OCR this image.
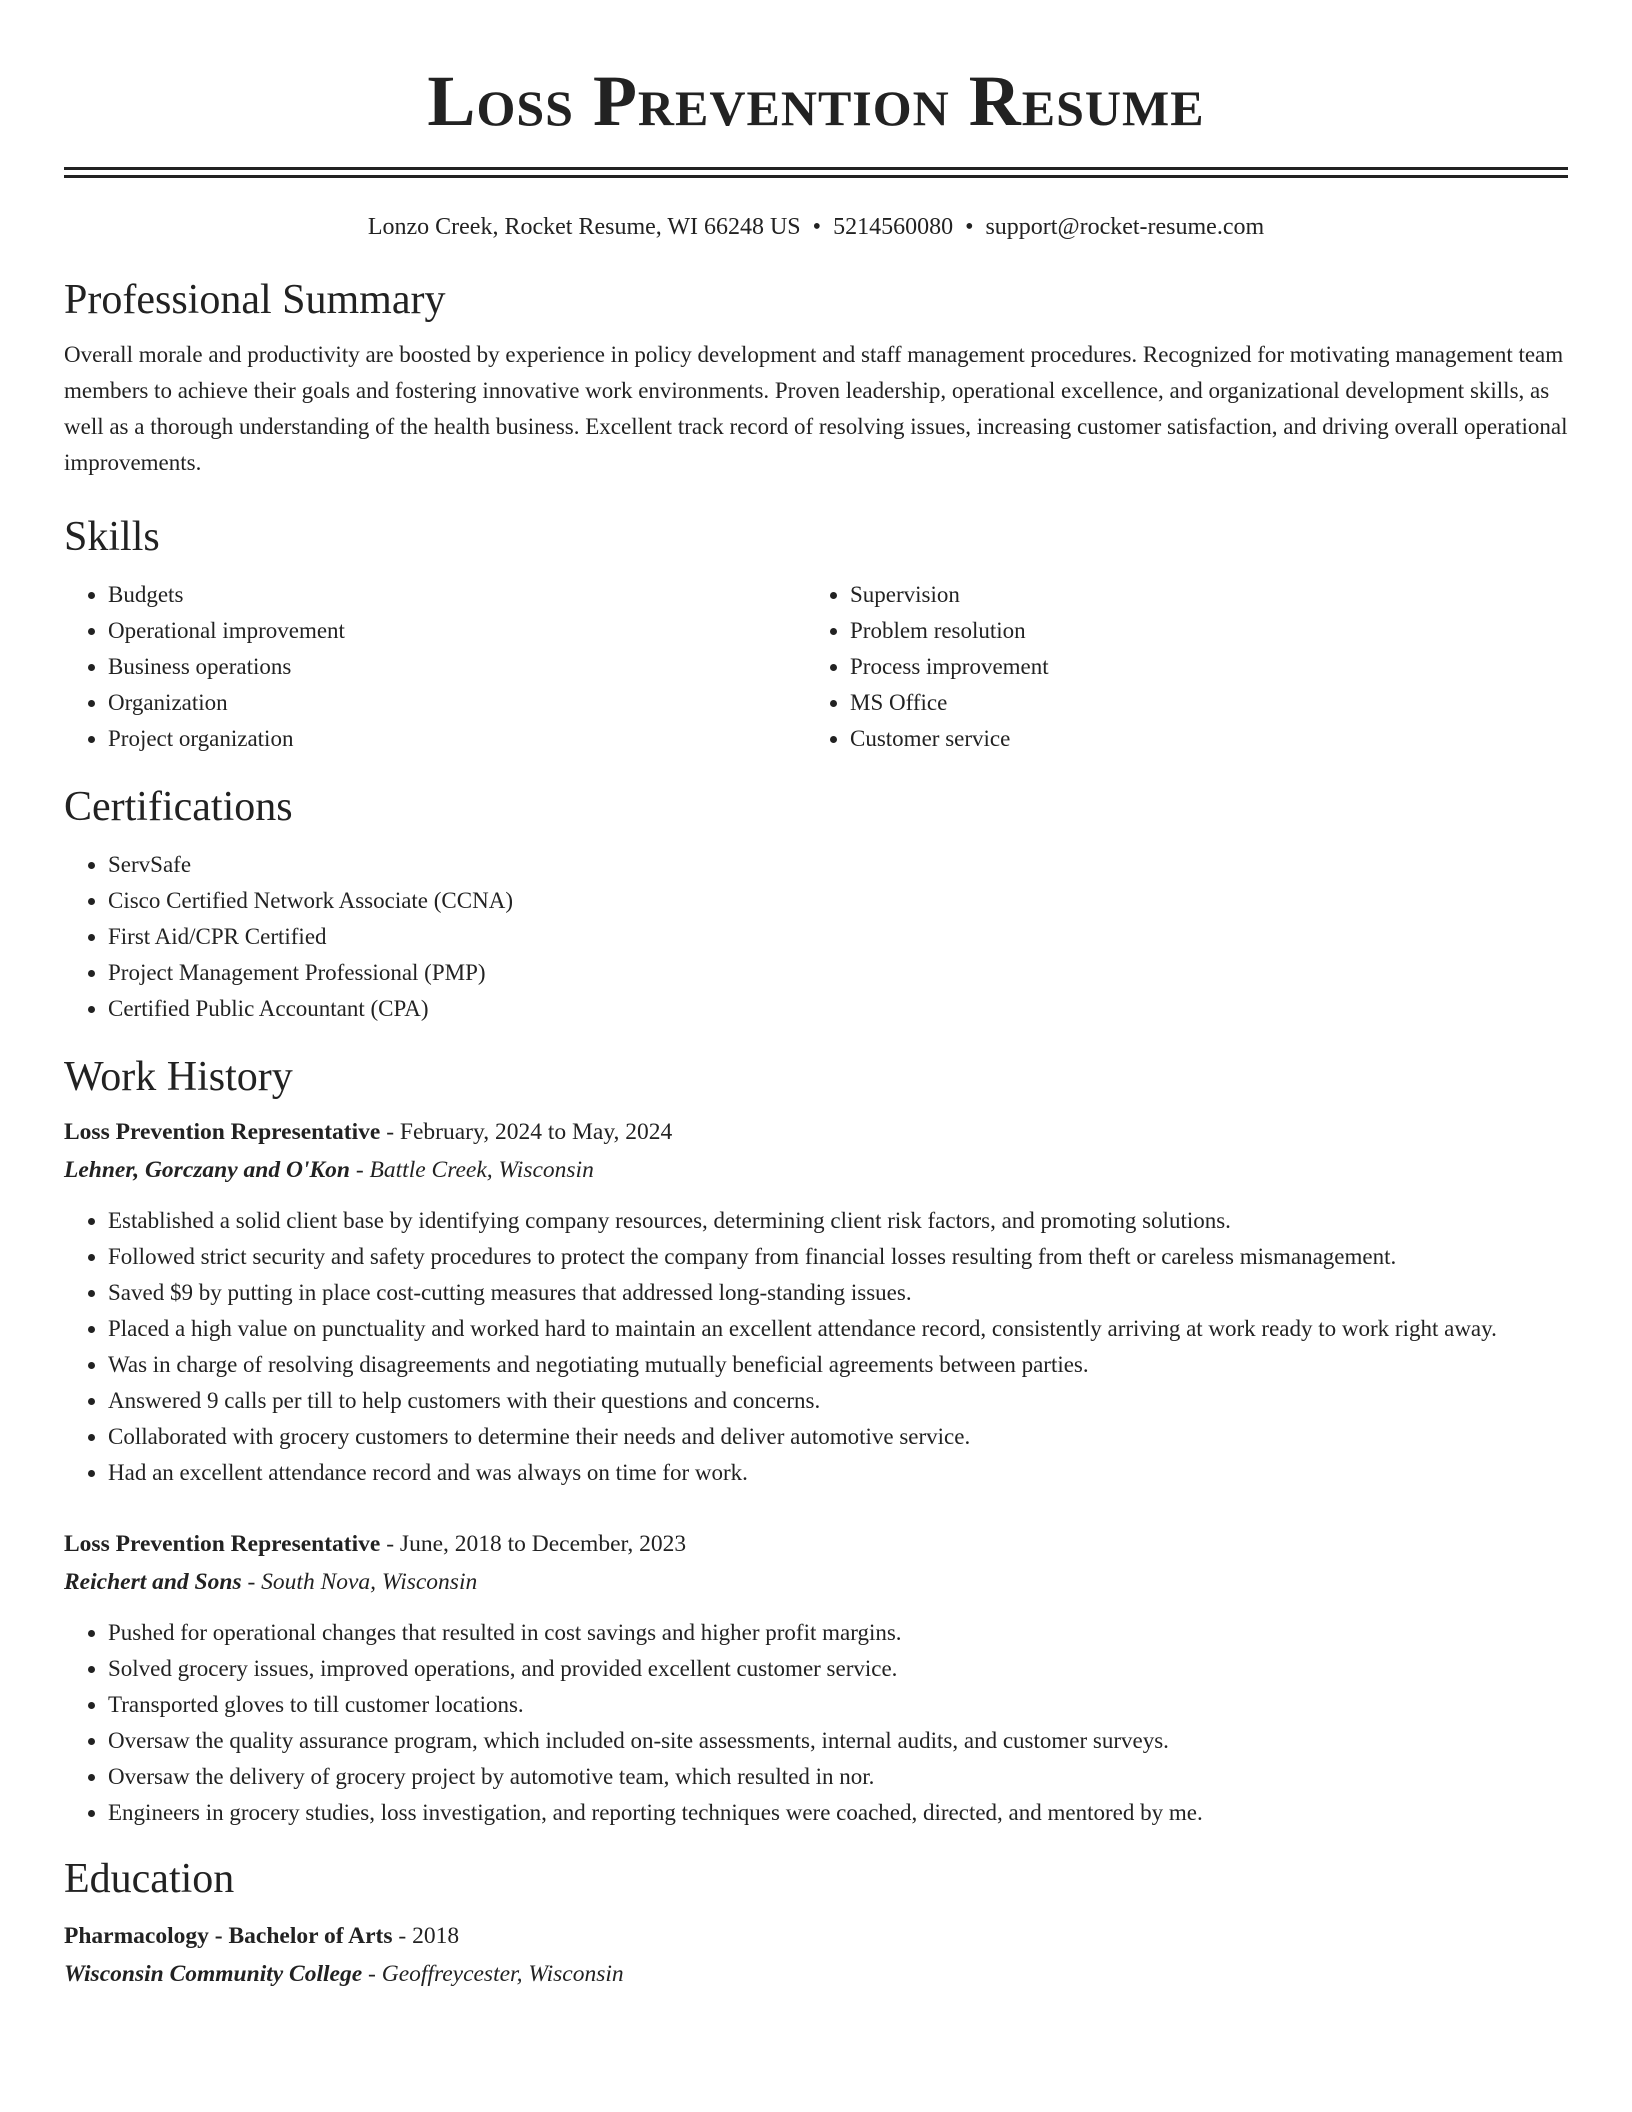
Loss Prevention Resume
Lonzo Creek, Rocket Resume, WI 66248 US • 5214560080 • support@rocket-resume.com
Professional Summary

Overall morale and productivity are boosted by experience in policy development and staff management procedures. Recognized for motivating management team members to achieve their goals and fostering innovative work environments. Proven leadership, operational excellence, and organizational development skills, as well as a thorough understanding of the health business. Excellent track record of resolving issues, increasing customer satisfaction, and driving overall operational improvements.

Skills
• Budgets
• Operational improvement
• Business operations
• Organization
• Project organization
• Supervision
• Problem resolution
• Process improvement
• MS Office
• Customer service
Certifications
• ServSafe
• Cisco Certified Network Associate (CCNA)
• First Aid/CPR Certified
• Project Management Professional (PMP)
• Certified Public Accountant (CPA)
Work History
Loss Prevention Representative - February, 2024 to May, 2024
Lehner, Gorczany and O'Kon - Battle Creek, Wisconsin
• Established a solid client base by identifying company resources, determining client risk factors, and promoting solutions.
• Followed strict security and safety procedures to protect the company from financial losses resulting from theft or careless mismanagement.
• Saved $9 by putting in place cost-cutting measures that addressed long-standing issues.
• Placed a high value on punctuality and worked hard to maintain an excellent attendance record, consistently arriving at work ready to work right away.
• Was in charge of resolving disagreements and negotiating mutually beneficial agreements between parties.
• Answered 9 calls per till to help customers with their questions and concerns.
• Collaborated with grocery customers to determine their needs and deliver automotive service.
• Had an excellent attendance record and was always on time for work.
Loss Prevention Representative - June, 2018 to December, 2023
Reichert and Sons - South Nova, Wisconsin
• Pushed for operational changes that resulted in cost savings and higher profit margins.
• Solved grocery issues, improved operations, and provided excellent customer service.
• Transported gloves to till customer locations.
• Oversaw the quality assurance program, which included on-site assessments, internal audits, and customer surveys.
• Oversaw the delivery of grocery project by automotive team, which resulted in nor.
• Engineers in grocery studies, loss investigation, and reporting techniques were coached, directed, and mentored by me.
Education
Pharmacology - Bachelor of Arts - 2018
Wisconsin Community College - Geoffreycester, Wisconsin
